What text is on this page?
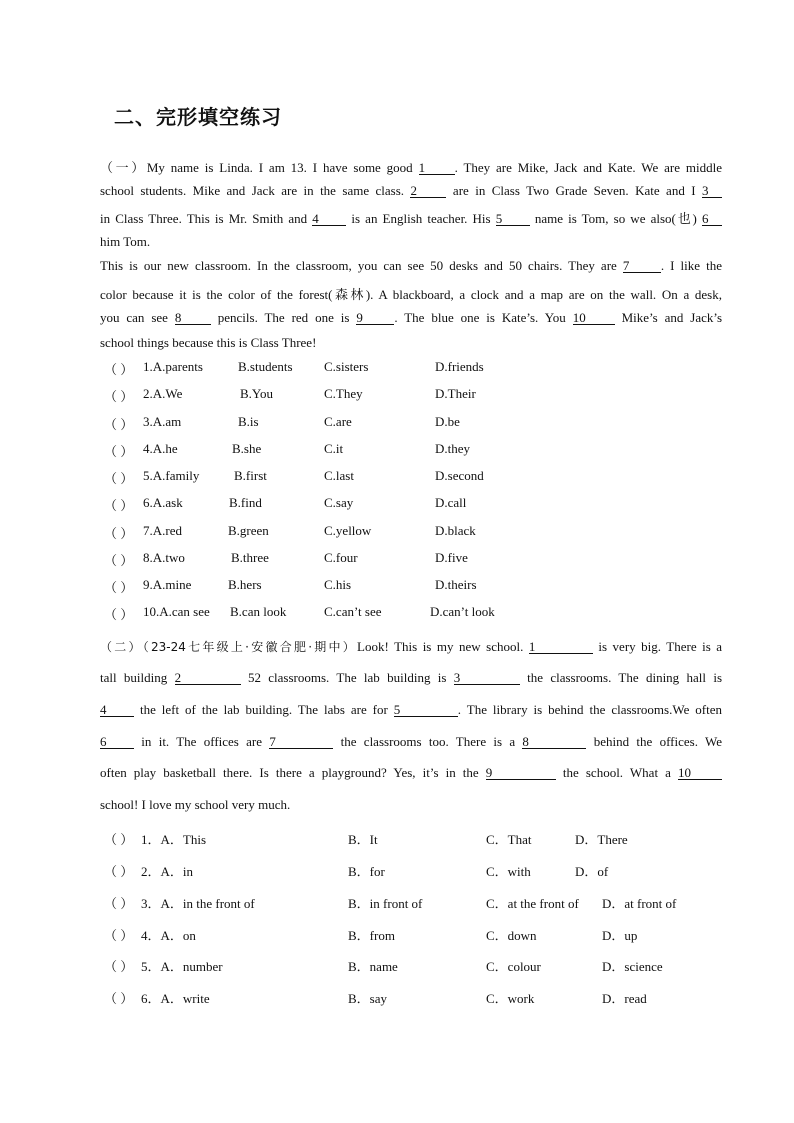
二、完形填空练习
（一）My name is Linda. I am 13. I have some good 1 . They are Mike, Jack and Kate. We are middle
school students. Mike and Jack are in the same class. 2	are in Class Two Grade Seven. Kate and I 3
in Class Three. This is Mr. Smith and 4	is an English teacher. His 5	name is Tom, so we also(也) 6
him Tom.
This is our new classroom. In the classroom, you can see 50 desks and 50 chairs. They are 7 . I like the
color because it is the color of the forest(森林). A blackboard, a clock and a map are on the wall. On a desk,
you can see 8	pencils. The red one is 9 . The blue one is Kate’s. You 10	Mike’s and Jack’s
school things because this is Class Three!
（ ） 1.A.parents	B.students C.sisters	D.friends
（ ） 2.A.We	B.You	C.They	D.Their
（ ） 3.A.am	B.is	C.are	D.be
（ ） 4.A.he	B.she	C.it	D.they
（ ） 5.A.family	B.first	C.last	D.second
（ ） 6.A.ask	B.find	C.say	D.call
（ ） 7.A.red	B.green	C.yellow	D.black
（ ） 8.A.two	B.three	C.four	D.five
（ ） 9.A.mine	B.hers	C.his	D.theirs
（ ） 10.A.can see B.can look	C.can’t see	D.can’t look
（二）（23-24七年级上·安徽合肥·期中）Look! This is my new school. 1	is very big. There is a
tall building 2	52 classrooms. The lab building is 3	the classrooms. The dining hall is
4	the left of the lab building. The labs are for 5	. The library is behind the classrooms.We often
6	in it. The offices are 7	the classrooms too. There is a 8	behind the offices. We
often play basketball there. Is there a playground? Yes, it’s in the 9	the school. What a 10
school! I love my school very much.
（ ） 1．A．This	B．It	C．That	D．There
（ ） 2．A．in	B．for	C．with	D．of
（ ） 3．A．in the front of	B．in front of	C．at the front of D．at front of
（ ） 4．A．on	B．from	C．down	D．up
（ ） 5．A．number	B．name	C．colour	D．science
（ ） 6．A．write	B．say	C．work	D．read
